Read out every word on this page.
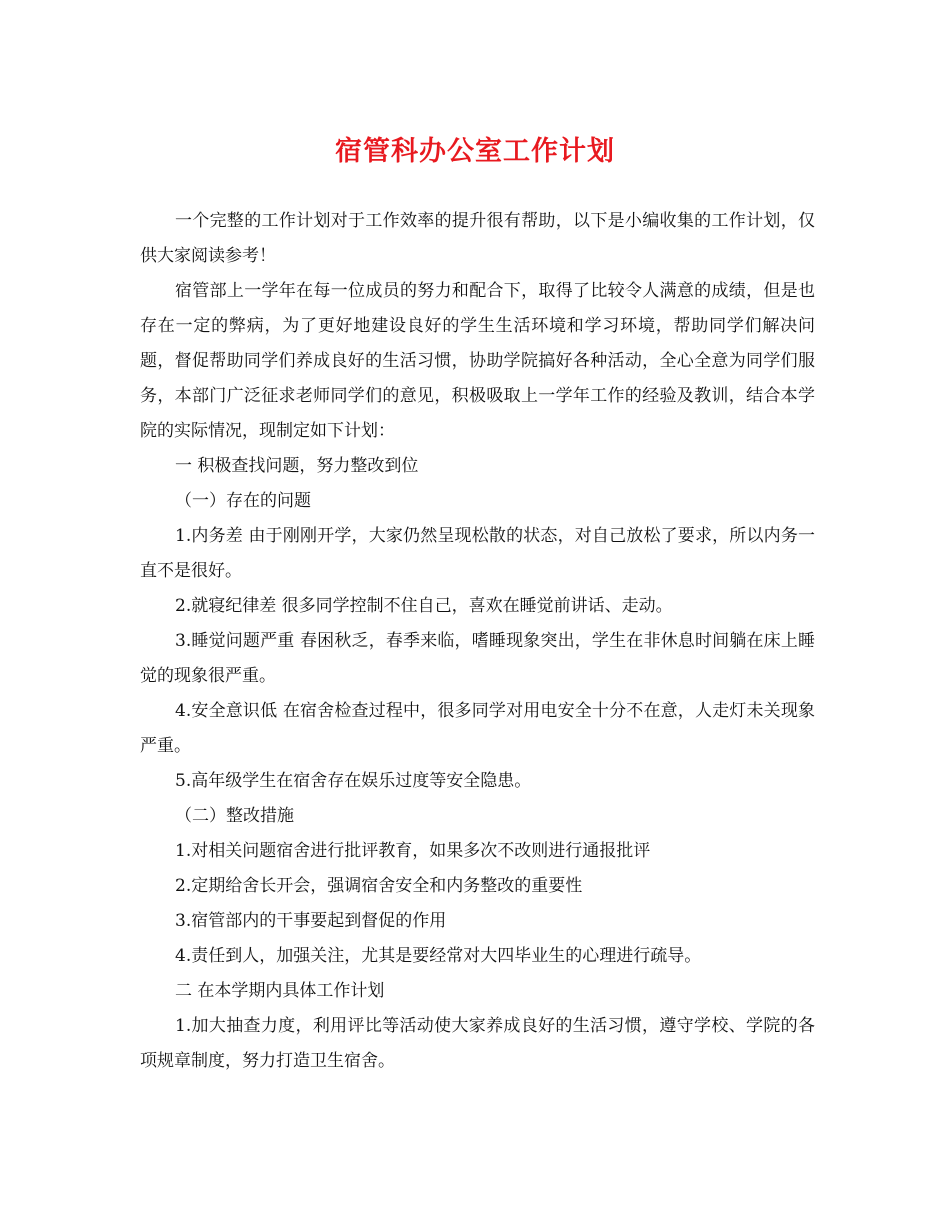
宿管科办公室工作计划

一个完整的工作计划对于工作效率的提升很有帮助，以下是小编收集的工作计划，仅供大家阅读参考！

宿管部上一学年在每一位成员的努力和配合下，取得了比较令人满意的成绩，但是也存在一定的弊病，为了更好地建设良好的学生生活环境和学习环境，帮助同学们解决问题，督促帮助同学们养成良好的生活习惯，协助学院搞好各种活动，全心全意为同学们服务，本部门广泛征求老师同学们的意见，积极吸取上一学年工作的经验及教训，结合本学院的实际情况，现制定如下计划：

一 积极查找问题，努力整改到位

（一）存在的问题

1.内务差 由于刚刚开学，大家仍然呈现松散的状态，对自己放松了要求，所以内务一直不是很好。

2.就寝纪律差 很多同学控制不住自己，喜欢在睡觉前讲话、走动。

3.睡觉问题严重 春困秋乏，春季来临，嗜睡现象突出，学生在非休息时间躺在床上睡觉的现象很严重。

4.安全意识低 在宿舍检查过程中，很多同学对用电安全十分不在意，人走灯未关现象严重。

5.高年级学生在宿舍存在娱乐过度等安全隐患。

（二）整改措施

1.对相关问题宿舍进行批评教育，如果多次不改则进行通报批评

2.定期给舍长开会，强调宿舍安全和内务整改的重要性

3.宿管部内的干事要起到督促的作用

4.责任到人，加强关注，尤其是要经常对大四毕业生的心理进行疏导。

二 在本学期内具体工作计划

1.加大抽查力度，利用评比等活动使大家养成良好的生活习惯，遵守学校、学院的各项规章制度，努力打造卫生宿舍。
